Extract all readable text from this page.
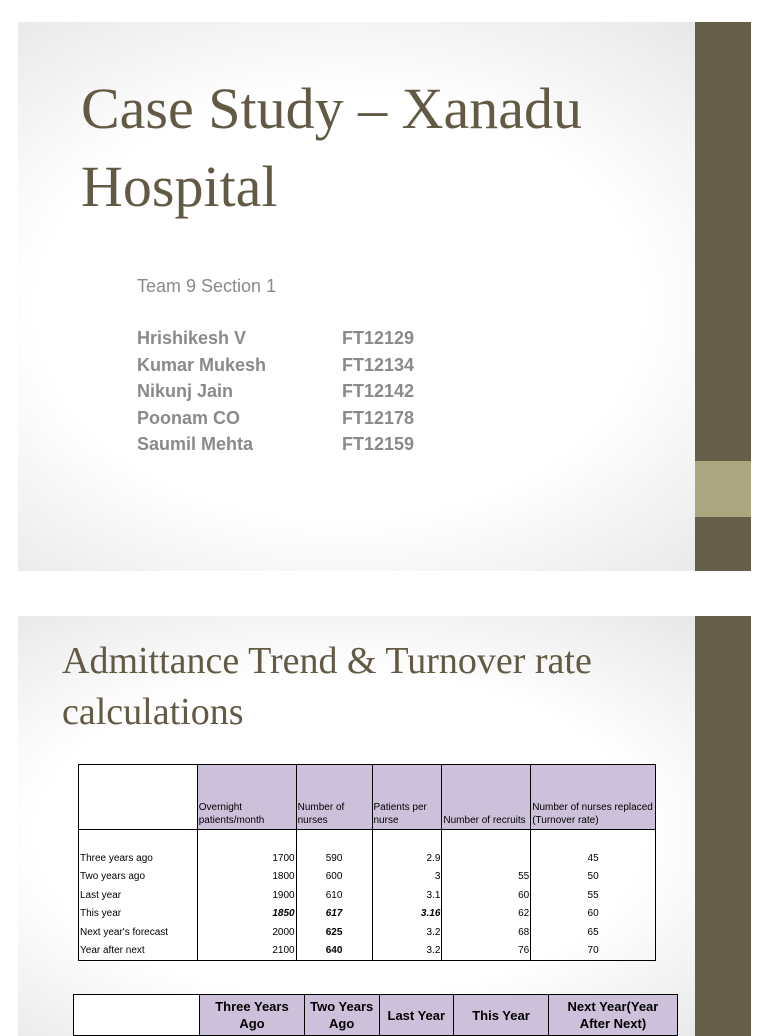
Case Study – Xanadu Hospital
Team 9 Section 1
Hrishikesh V	FT12129
Kumar Mukesh	FT12134
Nikunj Jain	FT12142
Poonam CO	FT12178
Saumil Mehta	FT12159
Admittance Trend & Turnover rate calculations
	Overnight patients/month	Number of nurses	Patients per nurse	Number of recruits	Number of nurses replaced (Turnover rate)

Three years ago	1700	590	2.9		45
Two years ago	1800	600	3	55	50
Last year	1900	610	3.1	60	55
This year	1850	617	3.16	62	60
Next year's forecast	2000	625	3.2	68	65
Year after next	2100	640	3.2	76	70
	Three Years Ago	Two Years Ago	Last Year	This Year	Next Year(Year After Next)
